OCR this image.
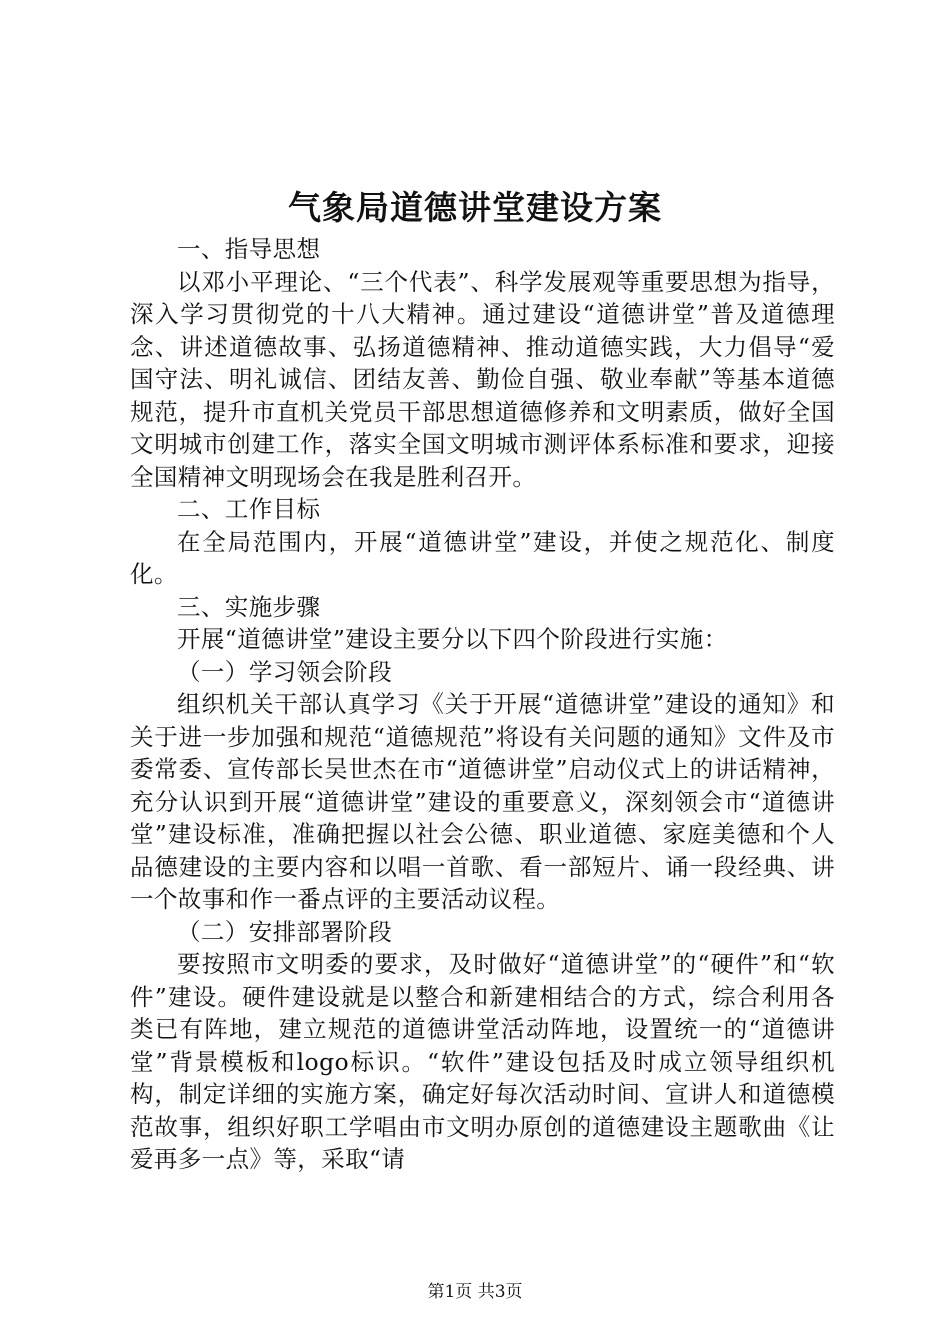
气象局道德讲堂建设方案

一、指导思想

以邓小平理论、“三个代表”、科学发展观等重要思想为指导，深入学习贯彻党的十八大精神。通过建设“道德讲堂”普及道德理念、讲述道德故事、弘扬道德精神、推动道德实践，大力倡导“爱国守法、明礼诚信、团结友善、勤俭自强、敬业奉献”等基本道德规范，提升市直机关党员干部思想道德修养和文明素质，做好全国文明城市创建工作，落实全国文明城市测评体系标准和要求，迎接全国精神文明现场会在我是胜利召开。

二、工作目标

在全局范围内，开展“道德讲堂”建设，并使之规范化、制度化。

三、实施步骤

开展“道德讲堂”建设主要分以下四个阶段进行实施：

（一）学习领会阶段

组织机关干部认真学习《关于开展“道德讲堂”建设的通知》和关于进一步加强和规范“道德规范”将设有关问题的通知》文件及市委常委、宣传部长吴世杰在市“道德讲堂”启动仪式上的讲话精神，充分认识到开展“道德讲堂”建设的重要意义，深刻领会市“道德讲堂”建设标准，准确把握以社会公德、职业道德、家庭美德和个人品德建设的主要内容和以唱一首歌、看一部短片、诵一段经典、讲一个故事和作一番点评的主要活动议程。

（二）安排部署阶段

要按照市文明委的要求，及时做好“道德讲堂”的“硬件”和“软件”建设。硬件建设就是以整合和新建相结合的方式，综合利用各类已有阵地，建立规范的道德讲堂活动阵地，设置统一的“道德讲堂”背景模板和logo标识。“软件”建设包括及时成立领导组织机构，制定详细的实施方案，确定好每次活动时间、宣讲人和道德模范故事，组织好职工学唱由市文明办原创的道德建设主题歌曲《让爱再多一点》等，采取“请

第1页 共3页
